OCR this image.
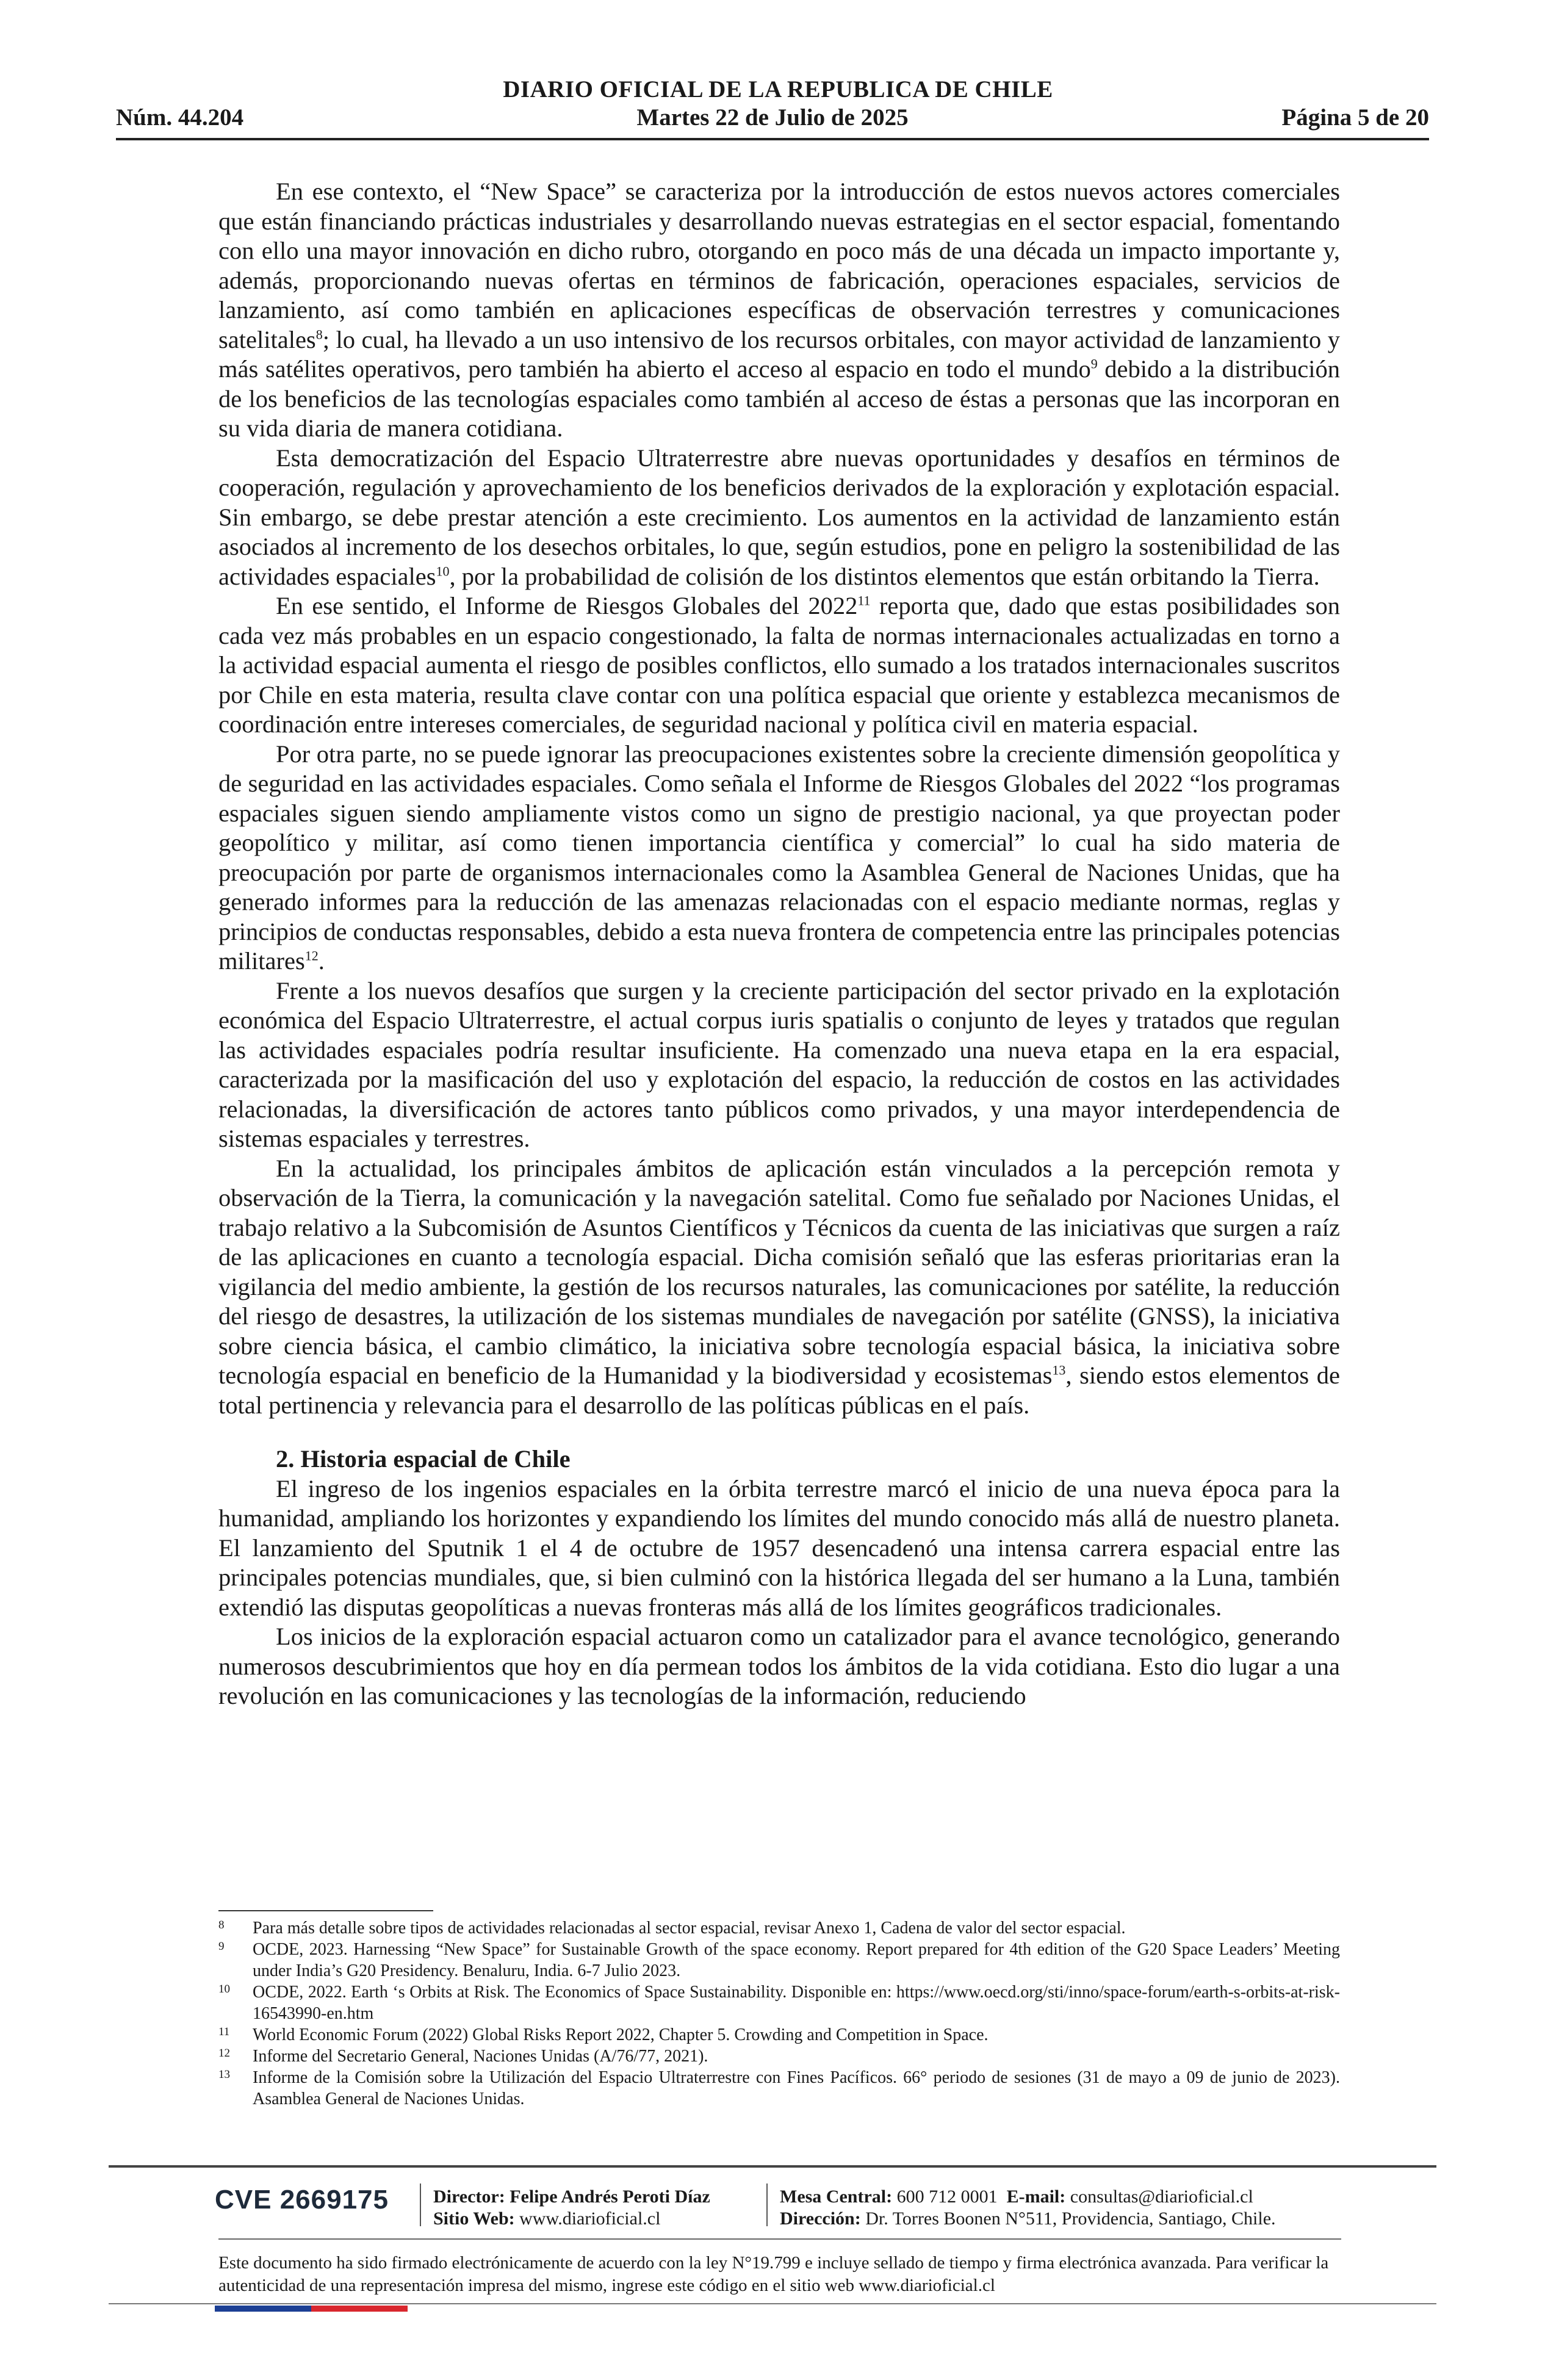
DIARIO OFICIAL DE LA REPUBLICA DE CHILE
Martes 22 de Julio de 2025
Núm. 44.204	Página 5 de 20

En ese contexto, el “New Space” se caracteriza por la introducción de estos nuevos actores comerciales que están financiando prácticas industriales y desarrollando nuevas estrategias en el sector espacial, fomentando con ello una mayor innovación en dicho rubro, otorgando en poco más de una década un impacto importante y, además, proporcionando nuevas ofertas en términos de fabricación, operaciones espaciales, servicios de lanzamiento, así como también en aplicaciones específicas de observación terrestres y comunicaciones satelitales$^8$; lo cual, ha llevado a un uso intensivo de los recursos orbitales, con mayor actividad de lanzamiento y más satélites operativos, pero también ha abierto el acceso al espacio en todo el mundo$^9$ debido a la distribución de los beneficios de las tecnologías espaciales como también al acceso de éstas a personas que las incorporan en su vida diaria de manera cotidiana.

Esta democratización del Espacio Ultraterrestre abre nuevas oportunidades y desafíos en términos de cooperación, regulación y aprovechamiento de los beneficios derivados de la exploración y explotación espacial. Sin embargo, se debe prestar atención a este crecimiento. Los aumentos en la actividad de lanzamiento están asociados al incremento de los desechos orbitales, lo que, según estudios, pone en peligro la sostenibilidad de las actividades espaciales$^{10}$, por la probabilidad de colisión de los distintos elementos que están orbitando la Tierra.

En ese sentido, el Informe de Riesgos Globales del 2022$^{11}$ reporta que, dado que estas posibilidades son cada vez más probables en un espacio congestionado, la falta de normas internacionales actualizadas en torno a la actividad espacial aumenta el riesgo de posibles conflictos, ello sumado a los tratados internacionales suscritos por Chile en esta materia, resulta clave contar con una política espacial que oriente y establezca mecanismos de coordinación entre intereses comerciales, de seguridad nacional y política civil en materia espacial.

Por otra parte, no se puede ignorar las preocupaciones existentes sobre la creciente dimensión geopolítica y de seguridad en las actividades espaciales. Como señala el Informe de Riesgos Globales del 2022 “los programas espaciales siguen siendo ampliamente vistos como un signo de prestigio nacional, ya que proyectan poder geopolítico y militar, así como tienen importancia científica y comercial” lo cual ha sido materia de preocupación por parte de organismos internacionales como la Asamblea General de Naciones Unidas, que ha generado informes para la reducción de las amenazas relacionadas con el espacio mediante normas, reglas y principios de conductas responsables, debido a esta nueva frontera de competencia entre las principales potencias militares$^{12}$.

Frente a los nuevos desafíos que surgen y la creciente participación del sector privado en la explotación económica del Espacio Ultraterrestre, el actual corpus iuris spatialis o conjunto de leyes y tratados que regulan las actividades espaciales podría resultar insuficiente. Ha comenzado una nueva etapa en la era espacial, caracterizada por la masificación del uso y explotación del espacio, la reducción de costos en las actividades relacionadas, la diversificación de actores tanto públicos como privados, y una mayor interdependencia de sistemas espaciales y terrestres.

En la actualidad, los principales ámbitos de aplicación están vinculados a la percepción remota y observación de la Tierra, la comunicación y la navegación satelital. Como fue señalado por Naciones Unidas, el trabajo relativo a la Subcomisión de Asuntos Científicos y Técnicos da cuenta de las iniciativas que surgen a raíz de las aplicaciones en cuanto a tecnología espacial. Dicha comisión señaló que las esferas prioritarias eran la vigilancia del medio ambiente, la gestión de los recursos naturales, las comunicaciones por satélite, la reducción del riesgo de desastres, la utilización de los sistemas mundiales de navegación por satélite (GNSS), la iniciativa sobre ciencia básica, el cambio climático, la iniciativa sobre tecnología espacial básica, la iniciativa sobre tecnología espacial en beneficio de la Humanidad y la biodiversidad y ecosistemas$^{13}$, siendo estos elementos de total pertinencia y relevancia para el desarrollo de las políticas públicas en el país.

2. Historia espacial de Chile

El ingreso de los ingenios espaciales en la órbita terrestre marcó el inicio de una nueva época para la humanidad, ampliando los horizontes y expandiendo los límites del mundo conocido más allá de nuestro planeta. El lanzamiento del Sputnik 1 el 4 de octubre de 1957 desencadenó una intensa carrera espacial entre las principales potencias mundiales, que, si bien culminó con la histórica llegada del ser humano a la Luna, también extendió las disputas geopolíticas a nuevas fronteras más allá de los límites geográficos tradicionales.

Los inicios de la exploración espacial actuaron como un catalizador para el avance tecnológico, generando numerosos descubrimientos que hoy en día permean todos los ámbitos de la vida cotidiana. Esto dio lugar a una revolución en las comunicaciones y las tecnologías de la información, reduciendo

8 Para más detalle sobre tipos de actividades relacionadas al sector espacial, revisar Anexo 1, Cadena de valor del sector espacial.
9 OCDE, 2023. Harnessing “New Space” for Sustainable Growth of the space economy. Report prepared for 4th edition of the G20 Space Leaders’ Meeting under India’s G20 Presidency. Benaluru, India. 6-7 Julio 2023.
10 OCDE, 2022. Earth ‘s Orbits at Risk. The Economics of Space Sustainability. Disponible en: https://www.oecd.org/sti/inno/space-forum/earth-s-orbits-at-risk-16543990-en.htm
11 World Economic Forum (2022) Global Risks Report 2022, Chapter 5. Crowding and Competition in Space.
12 Informe del Secretario General, Naciones Unidas (A/76/77, 2021).
13 Informe de la Comisión sobre la Utilización del Espacio Ultraterrestre con Fines Pacíficos. 66° periodo de sesiones (31 de mayo a 09 de junio de 2023). Asamblea General de Naciones Unidas.
CVE 2669175 Director: Felipe Andrés Peroti Díaz
Sitio Web: www.diarioficial.cl
Mesa Central: 600 712 0001 E-mail: consultas@diarioficial.cl
Dirección: Dr. Torres Boonen N°511, Providencia, Santiago, Chile.
Este documento ha sido firmado electrónicamente de acuerdo con la ley N°19.799 e incluye sellado de tiempo y firma electrónica avanzada. Para verificar la autenticidad de una representación impresa del mismo, ingrese este código en el sitio web www.diarioficial.cl
